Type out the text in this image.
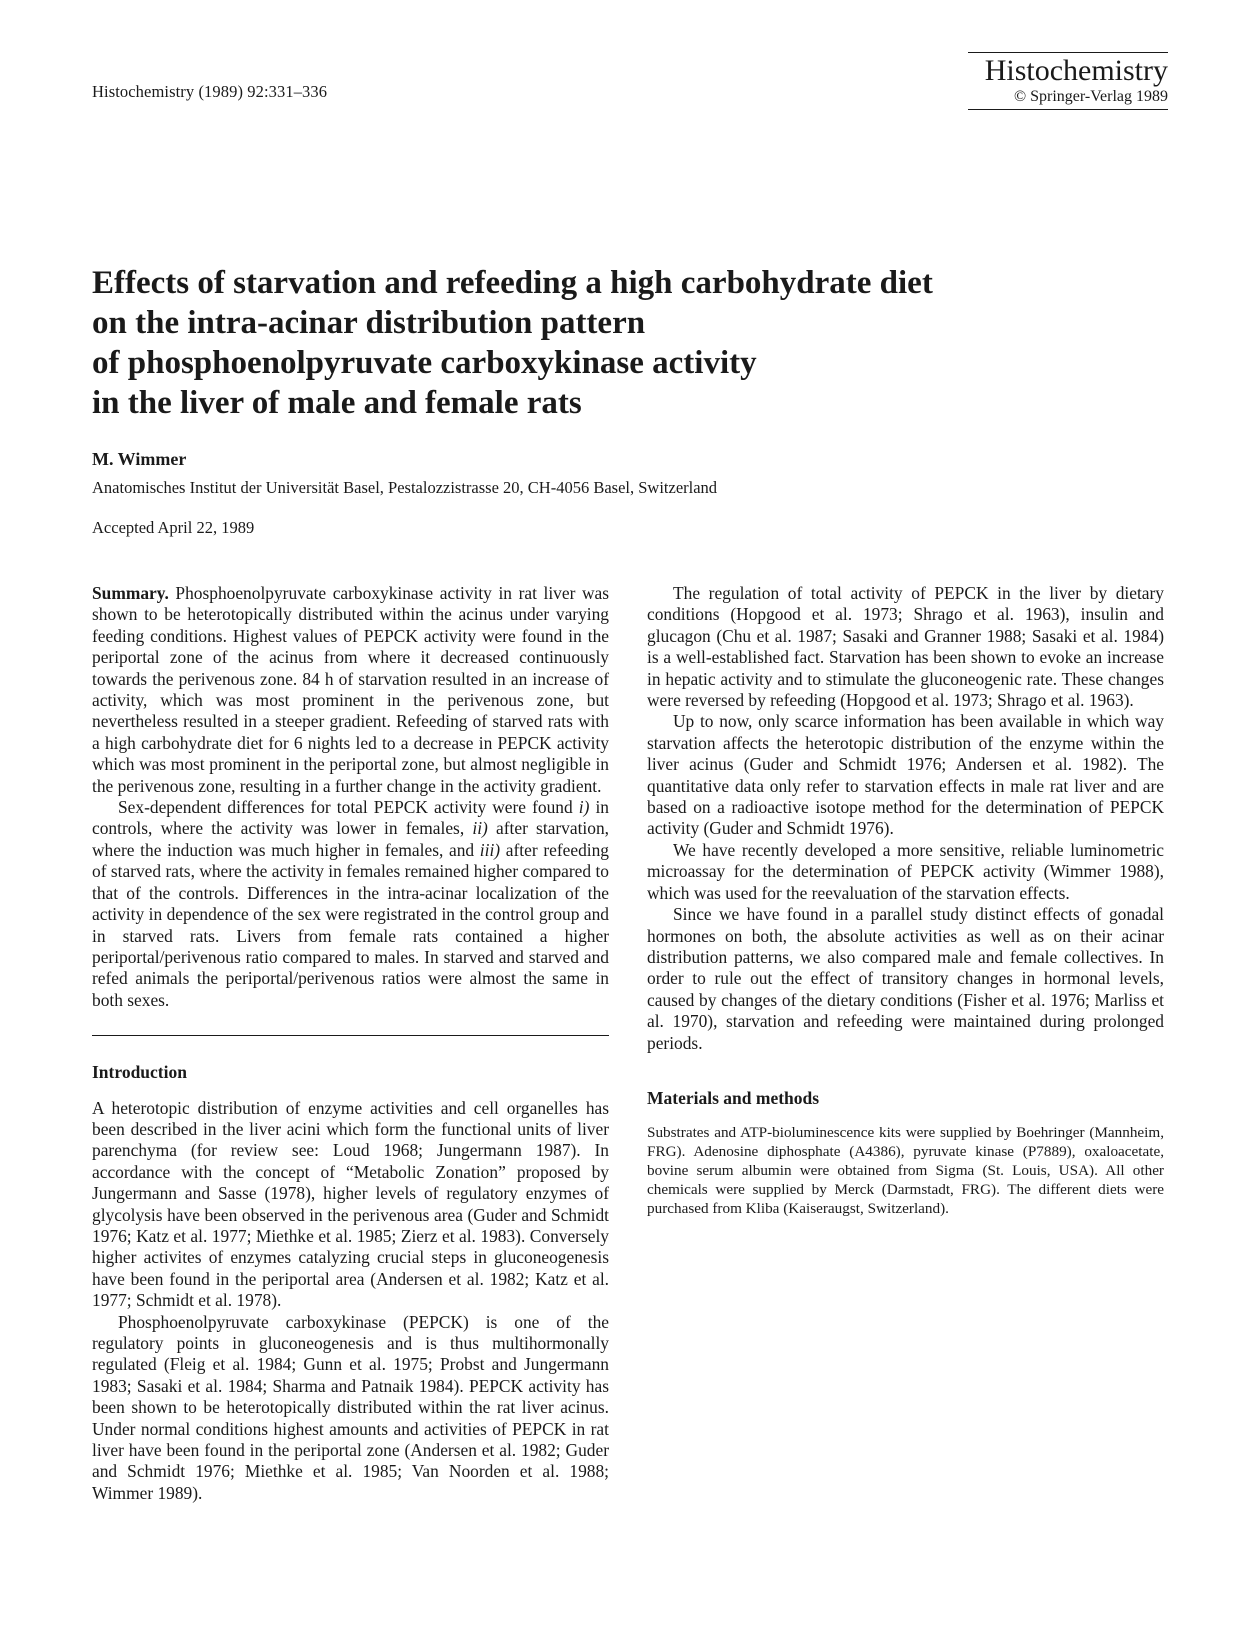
Histochemistry (1989) 92:331–336
Histochemistry
© Springer-Verlag 1989
Effects of starvation and refeeding a high carbohydrate diet
on the intra-acinar distribution pattern
of phosphoenolpyruvate carboxykinase activity
in the liver of male and female rats
M. Wimmer
Anatomisches Institut der Universität Basel, Pestalozzistrasse 20, CH-4056 Basel, Switzerland
Accepted April 22, 1989

Summary. Phosphoenolpyruvate carboxykinase activity in rat liver was shown to be heterotopically distributed within the acinus under varying feeding conditions. Highest values of PEPCK activity were found in the periportal zone of the acinus from where it decreased continuously towards the perivenous zone. 84 h of starvation resulted in an increase of activity, which was most prominent in the perivenous zone, but nevertheless resulted in a steeper gradient. Refeeding of starved rats with a high carbohydrate diet for 6 nights led to a decrease in PEPCK activity which was most prominent in the periportal zone, but almost negligible in the perivenous zone, resulting in a further change in the activity gradient.

Sex-dependent differences for total PEPCK activity were found i) in controls, where the activity was lower in females, ii) after starvation, where the induction was much higher in females, and iii) after refeeding of starved rats, where the activity in females remained higher compared to that of the controls. Differences in the intra-acinar localization of the activity in dependence of the sex were registrated in the control group and in starved rats. Livers from female rats contained a higher periportal/perivenous ratio compared to males. In starved and starved and refed animals the periportal/perivenous ratios were almost the same in both sexes.

Introduction

A heterotopic distribution of enzyme activities and cell organelles has been described in the liver acini which form the functional units of liver parenchyma (for review see: Loud 1968; Jungermann 1987). In accordance with the concept of “Metabolic Zonation” proposed by Jungermann and Sasse (1978), higher levels of regulatory enzymes of glycolysis have been observed in the perivenous area (Guder and Schmidt 1976; Katz et al. 1977; Miethke et al. 1985; Zierz et al. 1983). Conversely higher activites of enzymes catalyzing crucial steps in gluconeogenesis have been found in the periportal area (Andersen et al. 1982; Katz et al. 1977; Schmidt et al. 1978).

Phosphoenolpyruvate carboxykinase (PEPCK) is one of the regulatory points in gluconeogenesis and is thus multihormonally regulated (Fleig et al. 1984; Gunn et al. 1975; Probst and Jungermann 1983; Sasaki et al. 1984; Sharma and Patnaik 1984). PEPCK activity has been shown to be heterotopically distributed within the rat liver acinus. Under normal conditions highest amounts and activities of PEPCK in rat liver have been found in the periportal zone (Andersen et al. 1982; Guder and Schmidt 1976; Miethke et al. 1985; Van Noorden et al. 1988; Wimmer 1989).

The regulation of total activity of PEPCK in the liver by dietary conditions (Hopgood et al. 1973; Shrago et al. 1963), insulin and glucagon (Chu et al. 1987; Sasaki and Granner 1988; Sasaki et al. 1984) is a well-established fact. Starvation has been shown to evoke an increase in hepatic activity and to stimulate the gluconeogenic rate. These changes were reversed by refeeding (Hopgood et al. 1973; Shrago et al. 1963).

Up to now, only scarce information has been available in which way starvation affects the heterotopic distribution of the enzyme within the liver acinus (Guder and Schmidt 1976; Andersen et al. 1982). The quantitative data only refer to starvation effects in male rat liver and are based on a radioactive isotope method for the determination of PEPCK activity (Guder and Schmidt 1976).

We have recently developed a more sensitive, reliable luminometric microassay for the determination of PEPCK activity (Wimmer 1988), which was used for the reevaluation of the starvation effects.

Since we have found in a parallel study distinct effects of gonadal hormones on both, the absolute activities as well as on their acinar distribution patterns, we also compared male and female collectives. In order to rule out the effect of transitory changes in hormonal levels, caused by changes of the dietary conditions (Fisher et al. 1976; Marliss et al. 1970), starvation and refeeding were maintained during prolonged periods.

Materials and methods

Substrates and ATP-bioluminescence kits were supplied by Boehringer (Mannheim, FRG). Adenosine diphosphate (A4386), pyruvate kinase (P7889), oxaloacetate, bovine serum albumin were obtained from Sigma (St. Louis, USA). All other chemicals were supplied by Merck (Darmstadt, FRG). The different diets were purchased from Kliba (Kaiseraugst, Switzerland).
